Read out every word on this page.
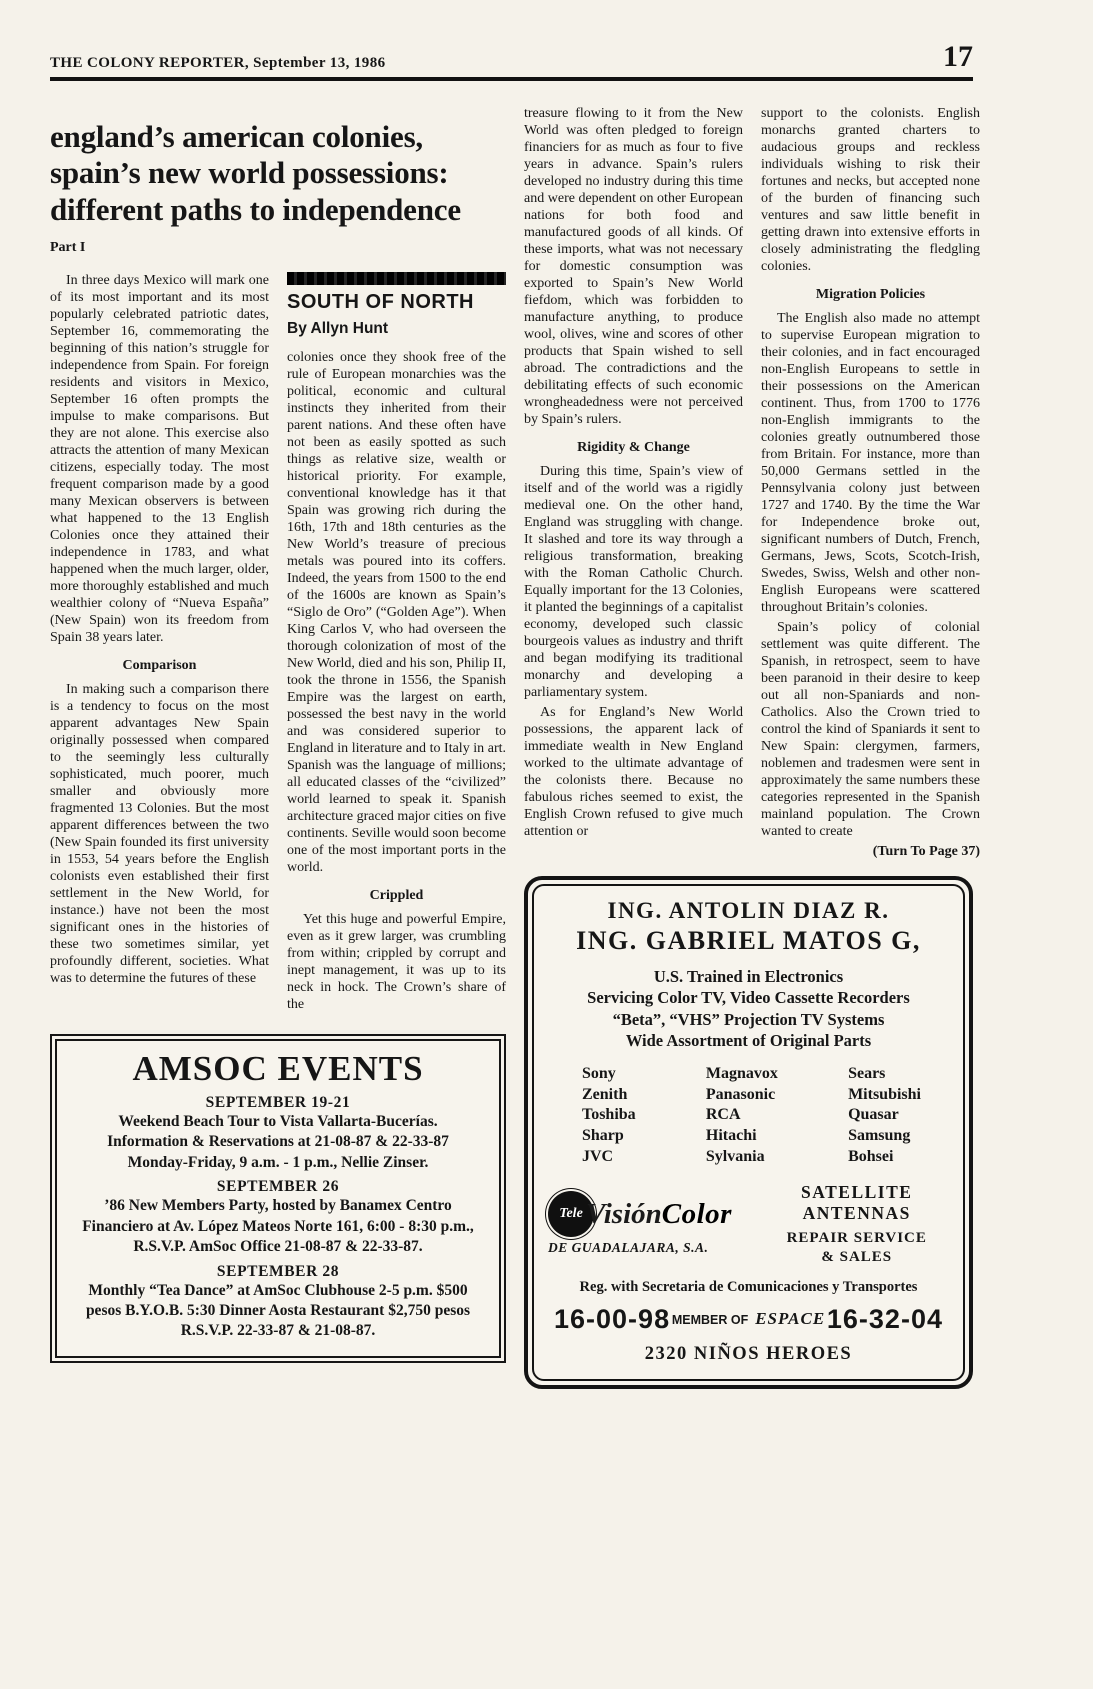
THE COLONY REPORTER, September 13, 1986	17
england’s american colonies,
spain’s new world possessions:
different paths to independence
Part I

In three days Mexico will mark one of its most important and its most popularly celebrated patriotic dates, September 16, commemorating the beginning of this nation’s struggle for independence from Spain. For foreign residents and visitors in Mexico, September 16 often prompts the impulse to make comparisons. But they are not alone. This exercise also attracts the attention of many Mexican citizens, especially today. The most frequent comparison made by a good many Mexican observers is between what happened to the 13 English Colonies once they attained their independence in 1783, and what happened when the much larger, older, more thoroughly established and much wealthier colony of “Nueva España” (New Spain) won its freedom from Spain 38 years later.

Comparison

In making such a comparison there is a tendency to focus on the most apparent advantages New Spain originally possessed when compared to the seemingly less culturally sophisticated, much poorer, much smaller and obviously more fragmented 13 Colonies. But the most apparent differences between the two (New Spain founded its first university in 1553, 54 years before the English colonists even established their first settlement in the New World, for instance.) have not been the most significant ones in the histories of these two sometimes similar, yet profoundly different, societies. What was to determine the futures of these

SOUTH OF NORTH
By Allyn Hunt

colonies once they shook free of the rule of European monarchies was the political, economic and cultural instincts they inherited from their parent nations. And these often have not been as easily spotted as such things as relative size, wealth or historical priority. For example, conventional knowledge has it that Spain was growing rich during the 16th, 17th and 18th centuries as the New World’s treasure of precious metals was poured into its coffers. Indeed, the years from 1500 to the end of the 1600s are known as Spain’s “Siglo de Oro” (“Golden Age”). When King Carlos V, who had overseen the thorough colonization of most of the New World, died and his son, Philip II, took the throne in 1556, the Spanish Empire was the largest on earth, possessed the best navy in the world and was considered superior to England in literature and to Italy in art. Spanish was the language of millions; all educated classes of the “civilized” world learned to speak it. Spanish architecture graced major cities on five continents. Seville would soon become one of the most important ports in the world.

Crippled

Yet this huge and powerful Empire, even as it grew larger, was crumbling from within; crippled by corrupt and inept management, it was up to its neck in hock. The Crown’s share of the

AMSOC EVENTS
SEPTEMBER 19-21
Weekend Beach Tour to Vista Vallarta-Bucerías.
Information & Reservations at 21-08-87 & 22-33-87
Monday-Friday, 9 a.m. - 1 p.m., Nellie Zinser.
SEPTEMBER 26
’86 New Members Party, hosted by Banamex Centro Financiero at Av. López Mateos Norte 161, 6:00 - 8:30 p.m., R.S.V.P. AmSoc Office 21-08-87 & 22-33-87.
SEPTEMBER 28
Monthly “Tea Dance” at AmSoc Clubhouse 2-5 p.m. $500 pesos B.Y.O.B. 5:30 Dinner Aosta Restaurant $2,750 pesos R.S.V.P. 22-33-87 & 21-08-87.

treasure flowing to it from the New World was often pledged to foreign financiers for as much as four to five years in advance. Spain’s rulers developed no industry during this time and were dependent on other European nations for both food and manufactured goods of all kinds. Of these imports, what was not necessary for domestic consumption was exported to Spain’s New World fiefdom, which was forbidden to manufacture anything, to produce wool, olives, wine and scores of other products that Spain wished to sell abroad. The contradictions and the debilitating effects of such economic wrongheadedness were not perceived by Spain’s rulers.

Rigidity & Change

During this time, Spain’s view of itself and of the world was a rigidly medieval one. On the other hand, England was struggling with change. It slashed and tore its way through a religious transformation, breaking with the Roman Catholic Church. Equally important for the 13 Colonies, it planted the beginnings of a capitalist economy, developed such classic bourgeois values as industry and thrift and began modifying its traditional monarchy and developing a parliamentary system.

As for England’s New World possessions, the apparent lack of immediate wealth in New England worked to the ultimate advantage of the colonists there. Because no fabulous riches seemed to exist, the English Crown refused to give much attention or

support to the colonists. English monarchs granted charters to audacious groups and reckless individuals wishing to risk their fortunes and necks, but accepted none of the burden of financing such ventures and saw little benefit in getting drawn into extensive efforts in closely administrating the fledgling colonies.

Migration Policies

The English also made no attempt to supervise European migration to their colonies, and in fact encouraged non-English Europeans to settle in their possessions on the American continent. Thus, from 1700 to 1776 non-English immigrants to the colonies greatly outnumbered those from Britain. For instance, more than 50,000 Germans settled in the Pennsylvania colony just between 1727 and 1740. By the time the War for Independence broke out, significant numbers of Dutch, French, Germans, Jews, Scots, Scotch-Irish, Swedes, Swiss, Welsh and other non-English Europeans were scattered throughout Britain’s colonies.

Spain’s policy of colonial settlement was quite different. The Spanish, in retrospect, seem to have been paranoid in their desire to keep out all non-Spaniards and non-Catholics. Also the Crown tried to control the kind of Spaniards it sent to New Spain: clergymen, farmers, noblemen and tradesmen were sent in approximately the same numbers these categories represented in the Spanish mainland population. The Crown wanted to create

(Turn To Page 37)
ING. ANTOLIN DIAZ R.
ING. GABRIEL MATOS G,
U.S. Trained in Electronics
Servicing Color TV, Video Cassette Recorders
“Beta”, “VHS” Projection TV Systems
Wide Assortment of Original Parts
Sony
Zenith
Toshiba
Sharp
JVC
Magnavox
Panasonic
RCA
Hitachi
Sylvania
Sears
Mitsubishi
Quasar
Samsung
Bohsei
Tele VisiónColor
DE GUADALAJARA, S.A.
SATELLITE ANTENNAS
REPAIR SERVICE
& SALES
Reg. with Secretaria de Comunicaciones y Transportes
16-00-98 MEMBER OF ESPACE 16-32-04
2320 NIÑOS HEROES
